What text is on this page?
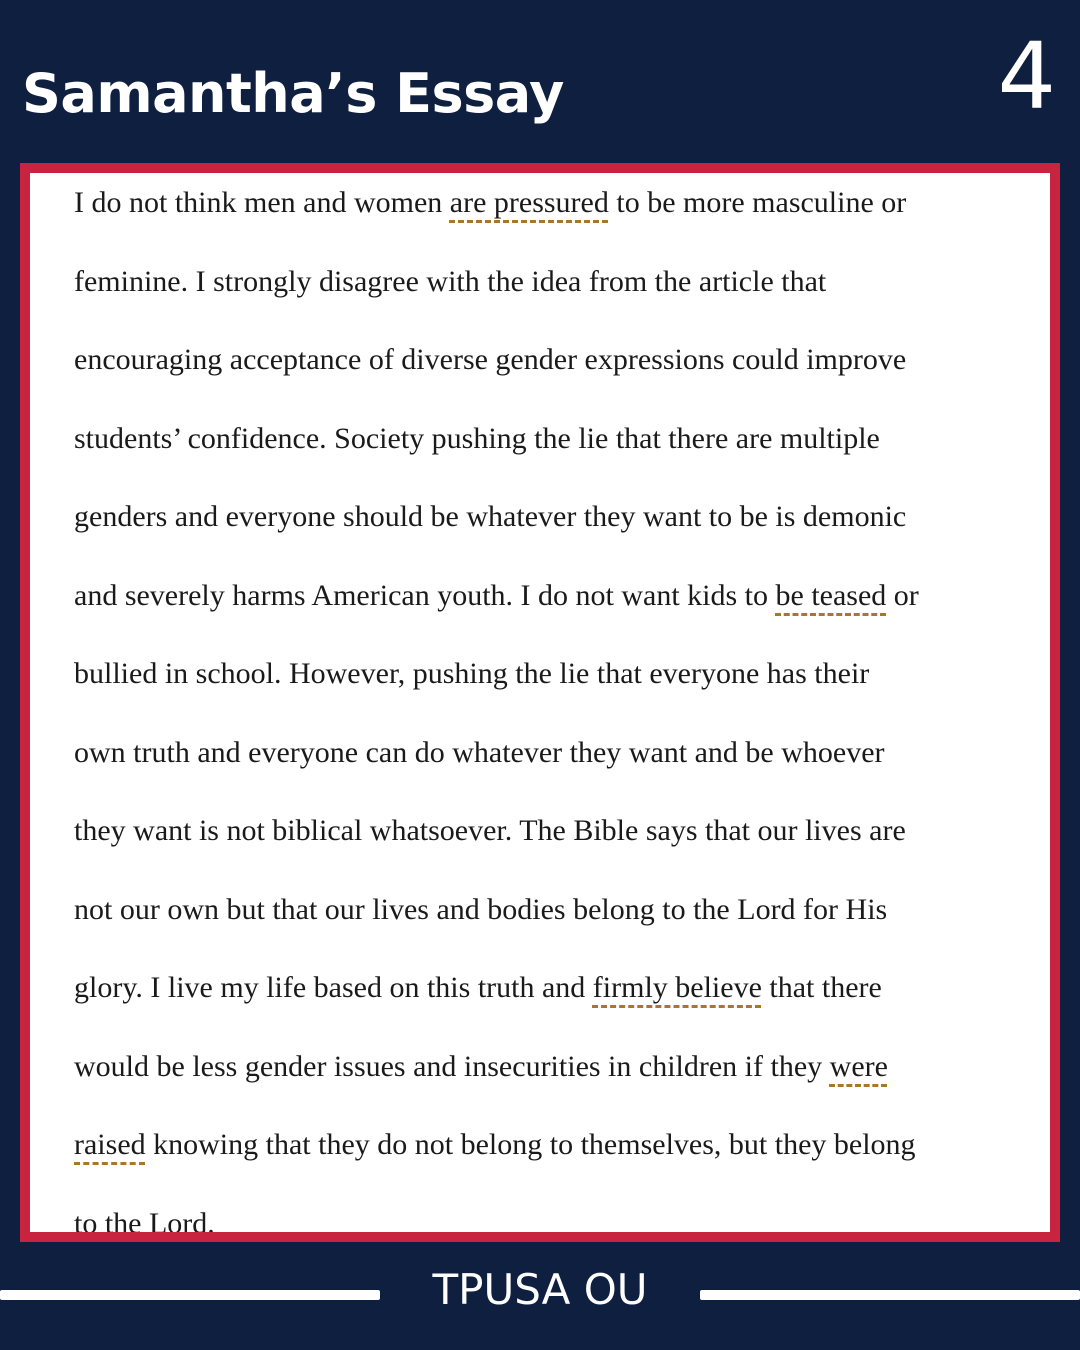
Samantha’s Essay	4
I do not think men and women are pressured to be more masculine or
feminine. I strongly disagree with the idea from the article that
encouraging acceptance of diverse gender expressions could improve
students’ confidence. Society pushing the lie that there are multiple
genders and everyone should be whatever they want to be is demonic
and severely harms American youth. I do not want kids to be teased or
bullied in school. However, pushing the lie that everyone has their
own truth and everyone can do whatever they want and be whoever
they want is not biblical whatsoever. The Bible says that our lives are
not our own but that our lives and bodies belong to the Lord for His
glory. I live my life based on this truth and firmly believe that there
would be less gender issues and insecurities in children if they were
raised knowing that they do not belong to themselves, but they belong
to the Lord.
TPUSA OU
